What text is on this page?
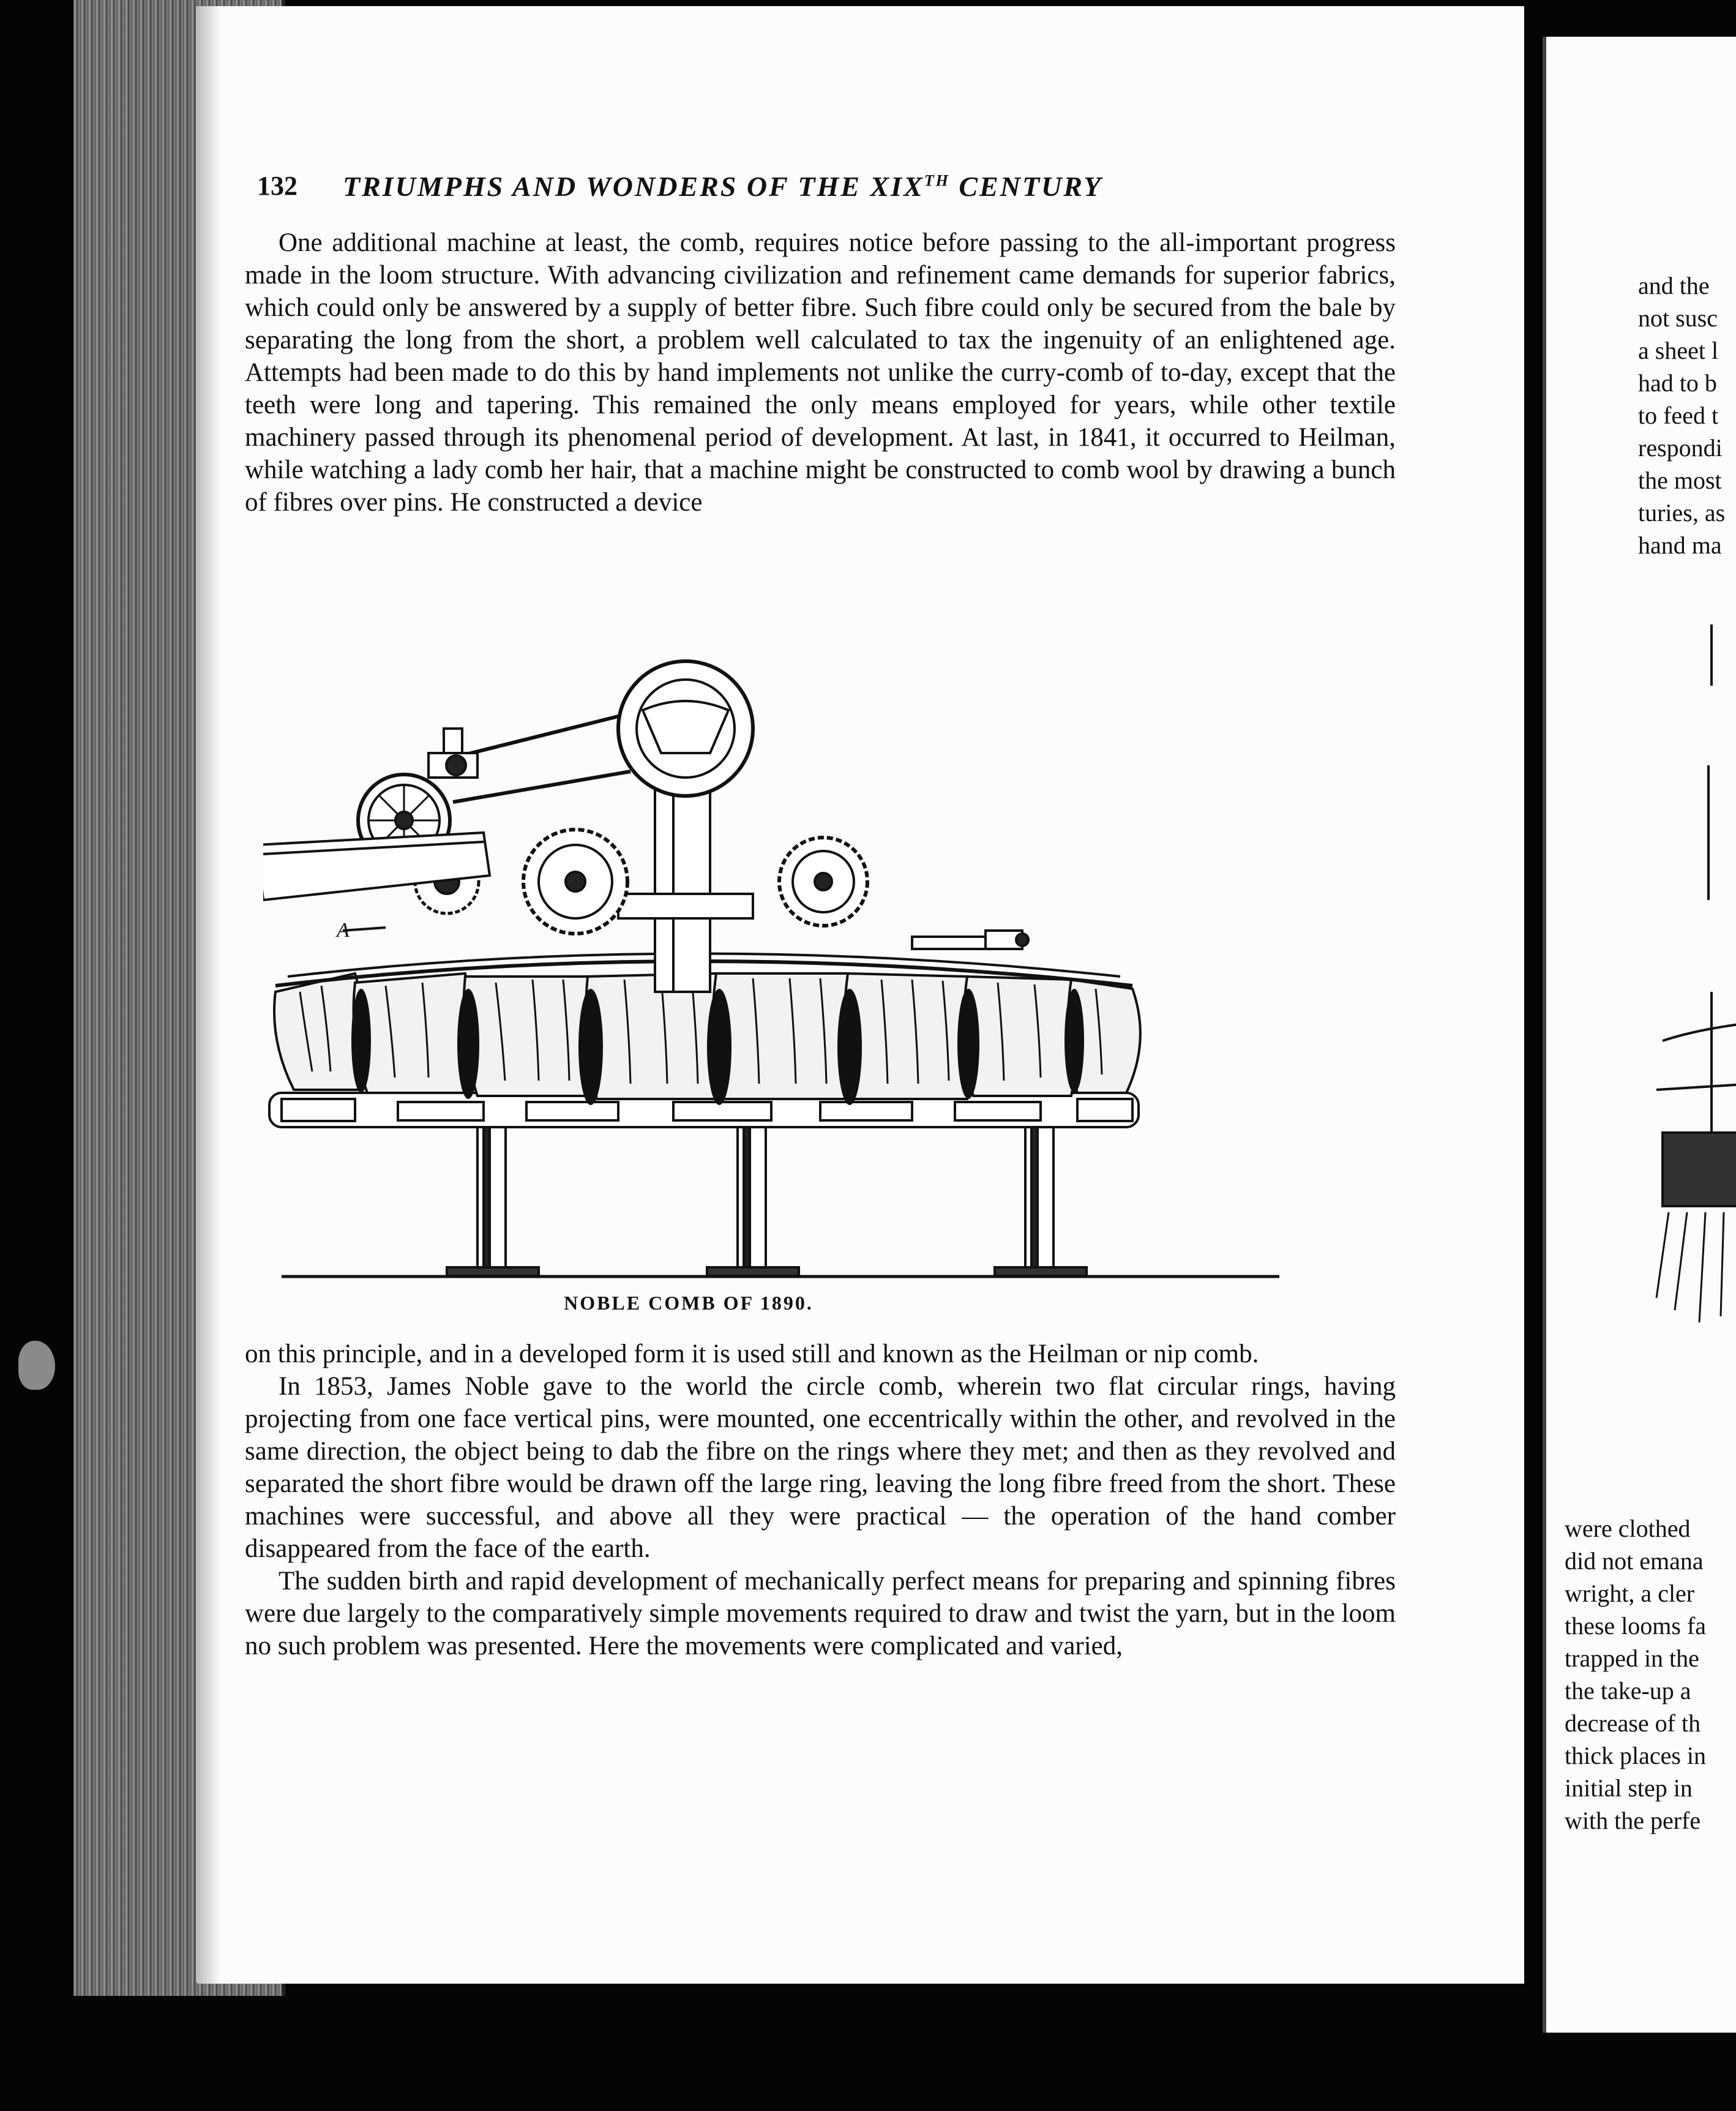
132 TRIUMPHS AND WONDERS OF THE XIXTH CENTURY

One additional machine at least, the comb, requires notice before passing to the all-important progress made in the loom structure. With advancing civilization and refinement came demands for superior fabrics, which could only be answered by a supply of better fibre. Such fibre could only be secured from the bale by separating the long from the short, a problem well calculated to tax the ingenuity of an enlightened age. Attempts had been made to do this by hand implements not unlike the curry-comb of to-day, except that the teeth were long and tapering. This remained the only means employed for years, while other textile machinery passed through its phenomenal period of development. At last, in 1841, it occurred to Heilman, while watching a lady comb her hair, that a machine might be constructed to comb wool by drawing a bunch of fibres over pins. He constructed a device

A
NOBLE COMB OF 1890.

on this principle, and in a developed form it is used still and known as the Heilman or nip comb.

In 1853, James Noble gave to the world the circle comb, wherein two flat circular rings, having projecting from one face vertical pins, were mounted, one eccentrically within the other, and revolved in the same direction, the object being to dab the fibre on the rings where they met; and then as they revolved and separated the short fibre would be drawn off the large ring, leaving the long fibre freed from the short. These machines were successful, and above all they were practical — the operation of the hand comber disappeared from the face of the earth.

The sudden birth and rapid development of mechanically perfect means for preparing and spinning fibres were due largely to the comparatively simple movements required to draw and twist the yarn, but in the loom no such problem was presented. Here the movements were complicated and varied,

and the
not susc
a sheet l
had to b
to feed t
respondi
the most
turies, as
hand ma
were clothed
did not emana
wright, a cler
these looms fa
trapped in the
the take-up a
decrease of th
thick places in
initial step in
with the perfe
